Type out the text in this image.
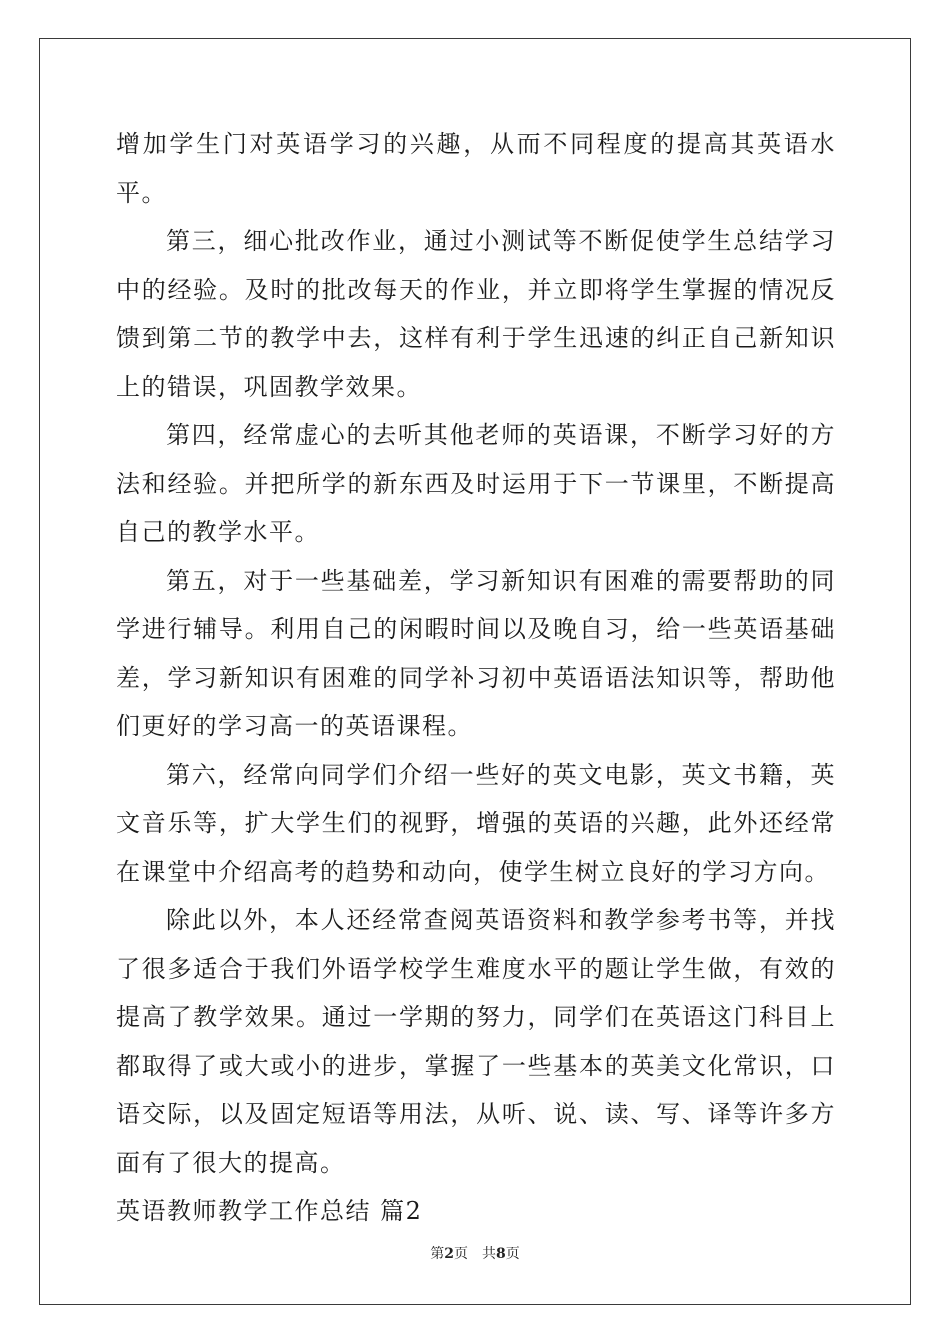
增加学生门对英语学习的兴趣，从而不同程度的提高其英语水平。

第三，细心批改作业，通过小测试等不断促使学生总结学习中的经验。及时的批改每天的作业，并立即将学生掌握的情况反馈到第二节的教学中去，这样有利于学生迅速的纠正自己新知识上的错误，巩固教学效果。

第四，经常虚心的去听其他老师的英语课，不断学习好的方法和经验。并把所学的新东西及时运用于下一节课里，不断提高自己的教学水平。

第五，对于一些基础差，学习新知识有困难的需要帮助的同学进行辅导。利用自己的闲暇时间以及晚自习，给一些英语基础差，学习新知识有困难的同学补习初中英语语法知识等，帮助他们更好的学习高一的英语课程。

第六，经常向同学们介绍一些好的英文电影，英文书籍，英文音乐等，扩大学生们的视野，增强的英语的兴趣，此外还经常在课堂中介绍高考的趋势和动向，使学生树立良好的学习方向。

除此以外，本人还经常查阅英语资料和教学参考书等，并找了很多适合于我们外语学校学生难度水平的题让学生做，有效的提高了教学效果。通过一学期的努力，同学们在英语这门科目上都取得了或大或小的进步，掌握了一些基本的英美文化常识，口语交际，以及固定短语等用法，从听、说、读、写、译等许多方面有了很大的提高。

英语教师教学工作总结 篇2

第2页 共8页
